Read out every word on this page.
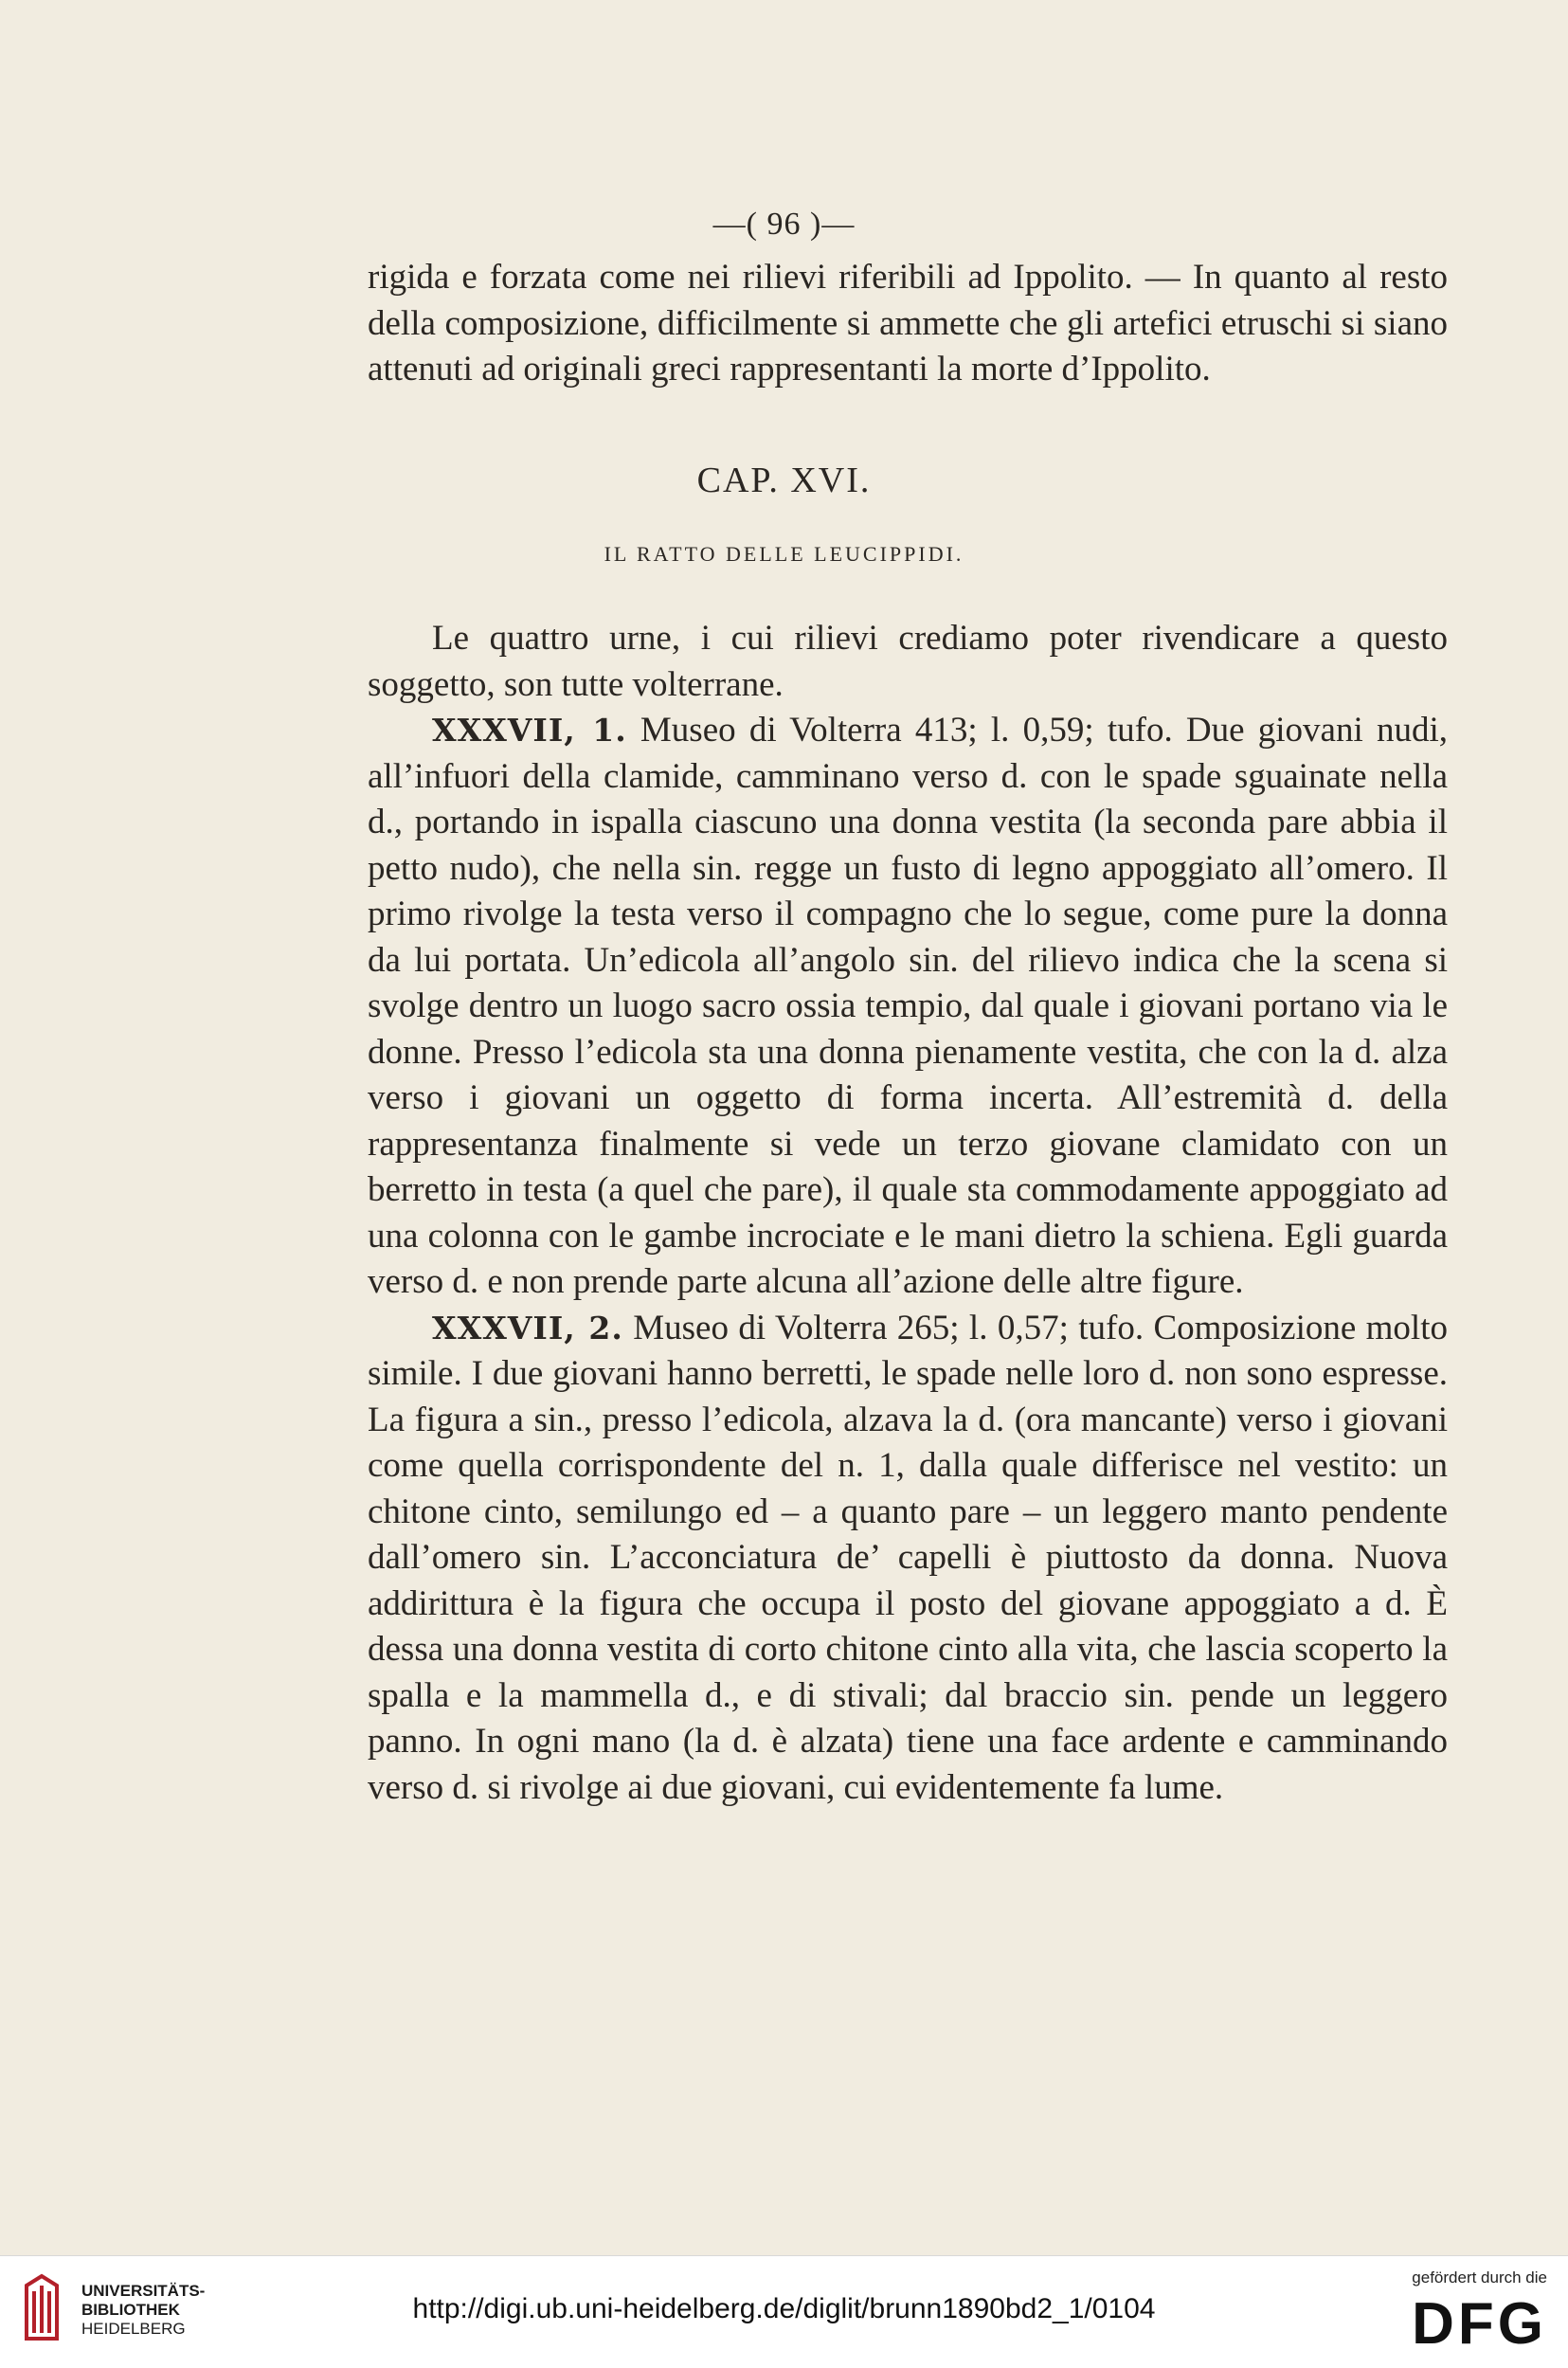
—( 96 )—

rigida e forzata come nei rilievi riferibili ad Ippolito. — In quanto al resto della composizione, difficilmente si ammette che gli artefici etruschi si siano attenuti ad originali greci rappresentanti la morte d’Ippolito.

CAP. XVI.
IL RATTO DELLE LEUCIPPIDI.

Le quattro urne, i cui rilievi crediamo poter rivendicare a questo soggetto, son tutte volterrane.

XXXVII, 1. Museo di Volterra 413; l. 0,59; tufo. Due giovani nudi, all’infuori della clamide, camminano verso d. con le spade sguainate nella d., portando in ispalla ciascuno una donna vestita (la seconda pare abbia il petto nudo), che nella sin. regge un fusto di legno appoggiato all’omero. Il primo rivolge la testa verso il compagno che lo segue, come pure la donna da lui portata. Un’edicola all’angolo sin. del rilievo indica che la scena si svolge dentro un luogo sacro ossia tempio, dal quale i giovani portano via le donne. Presso l’edicola sta una donna pienamente vestita, che con la d. alza verso i giovani un oggetto di forma incerta. All’estremità d. della rappresentanza finalmente si vede un terzo giovane clamidato con un berretto in testa (a quel che pare), il quale sta commodamente appoggiato ad una colonna con le gambe incrociate e le mani dietro la schiena. Egli guarda verso d. e non prende parte alcuna all’azione delle altre figure.

XXXVII, 2. Museo di Volterra 265; l. 0,57; tufo. Composizione molto simile. I due giovani hanno berretti, le spade nelle loro d. non sono espresse. La figura a sin., presso l’edicola, alzava la d. (ora mancante) verso i giovani come quella corrispondente del n. 1, dalla quale differisce nel vestito: un chitone cinto, semilungo ed – a quanto pare – un leggero manto pendente dall’omero sin. L’acconciatura de’ capelli è piuttosto da donna. Nuova addirittura è la figura che occupa il posto del giovane appoggiato a d. È dessa una donna vestita di corto chitone cinto alla vita, che lascia scoperto la spalla e la mammella d., e di stivali; dal braccio sin. pende un leggero panno. In ogni mano (la d. è alzata) tiene una face ardente e camminando verso d. si rivolge ai due giovani, cui evidentemente fa lume.

UNIVERSITÄTS-
BIBLIOTHEK
HEIDELBERG
http://digi.ub.uni-heidelberg.de/diglit/brunn1890bd2_1/0104
gefördert durch die
DFG
